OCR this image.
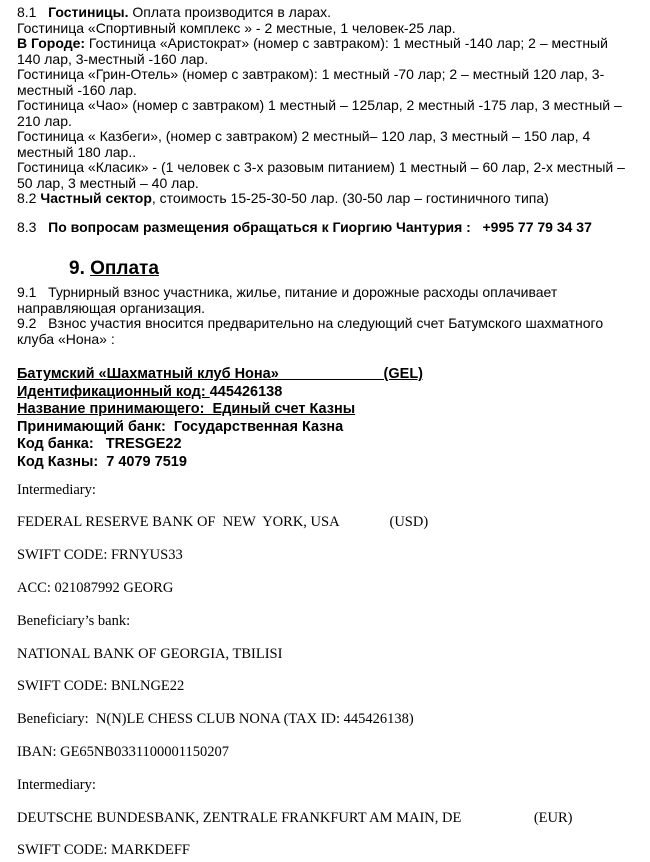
8.1   Гостиницы. Оплата производится в ларах.
Гостиница «Спортивный комплекс » - 2 местные, 1 человек-25 лар.
В Городе: Гостиница «Аристократ» (номер с завтраком): 1 местный -140 лар; 2 – местный
140 лар, 3-местный -160 лар.
Гостиница «Грин-Отель» (номер с завтраком): 1 местный -70 лар; 2 – местный 120 лар, 3-
местный -160 лар.
Гостиница «Чао» (номер с завтраком) 1 местный – 125лар, 2 местный -175 лар, 3 местный –
210 лар.
Гостиница « Казбеги», (номер с завтраком) 2 местный– 120 лар, 3 местный – 150 лар, 4
местный 180 лар..
Гостиница «Класик» - (1 человек с 3-х разовым питанием) 1 местный – 60 лар, 2-х местный –
50 лар, 3 местный – 40 лар.
8.2 Частный сектор, стоимость 15-25-30-50 лар. (30-50 лар – гостиничного типа)
8.3   По вопросам размещения обращаться к Гиоргию Чантурия :   +995 77 79 34 37
9. Оплата
9.1   Турнирный взнос участника, жилье, питание и дорожные расходы оплачивает
направляющая организация.
9.2   Взнос участия вносится предварительно на следующий счет Батумского шахматного
клуба «Нона» :
Батумский «Шахматный клуб Нона»                          (GEL)
Идентификационный код: 445426138
Название принимающего:  Единый счет Казны
Принимающий банк:  Государственная Казна
Код банка:   TRESGE22
Код Казны:  7 4079 7519
Intermediary:
FEDERAL RESERVE BANK OF  NEW  YORK, USA              (USD)
SWIFT CODE: FRNYUS33
ACC: 021087992 GEORG
Beneficiary’s bank:
NATIONAL BANK OF GEORGIA, TBILISI
SWIFT CODE: BNLNGE22
Beneficiary:  N(N)LE CHESS CLUB NONA (TAX ID: 445426138)
IBAN: GE65NB0331100001150207
Intermediary:
DEUTSCHE BUNDESBANK, ZENTRALE FRANKFURT AM MAIN, DE                    (EUR)
SWIFT CODE: MARKDEFF
